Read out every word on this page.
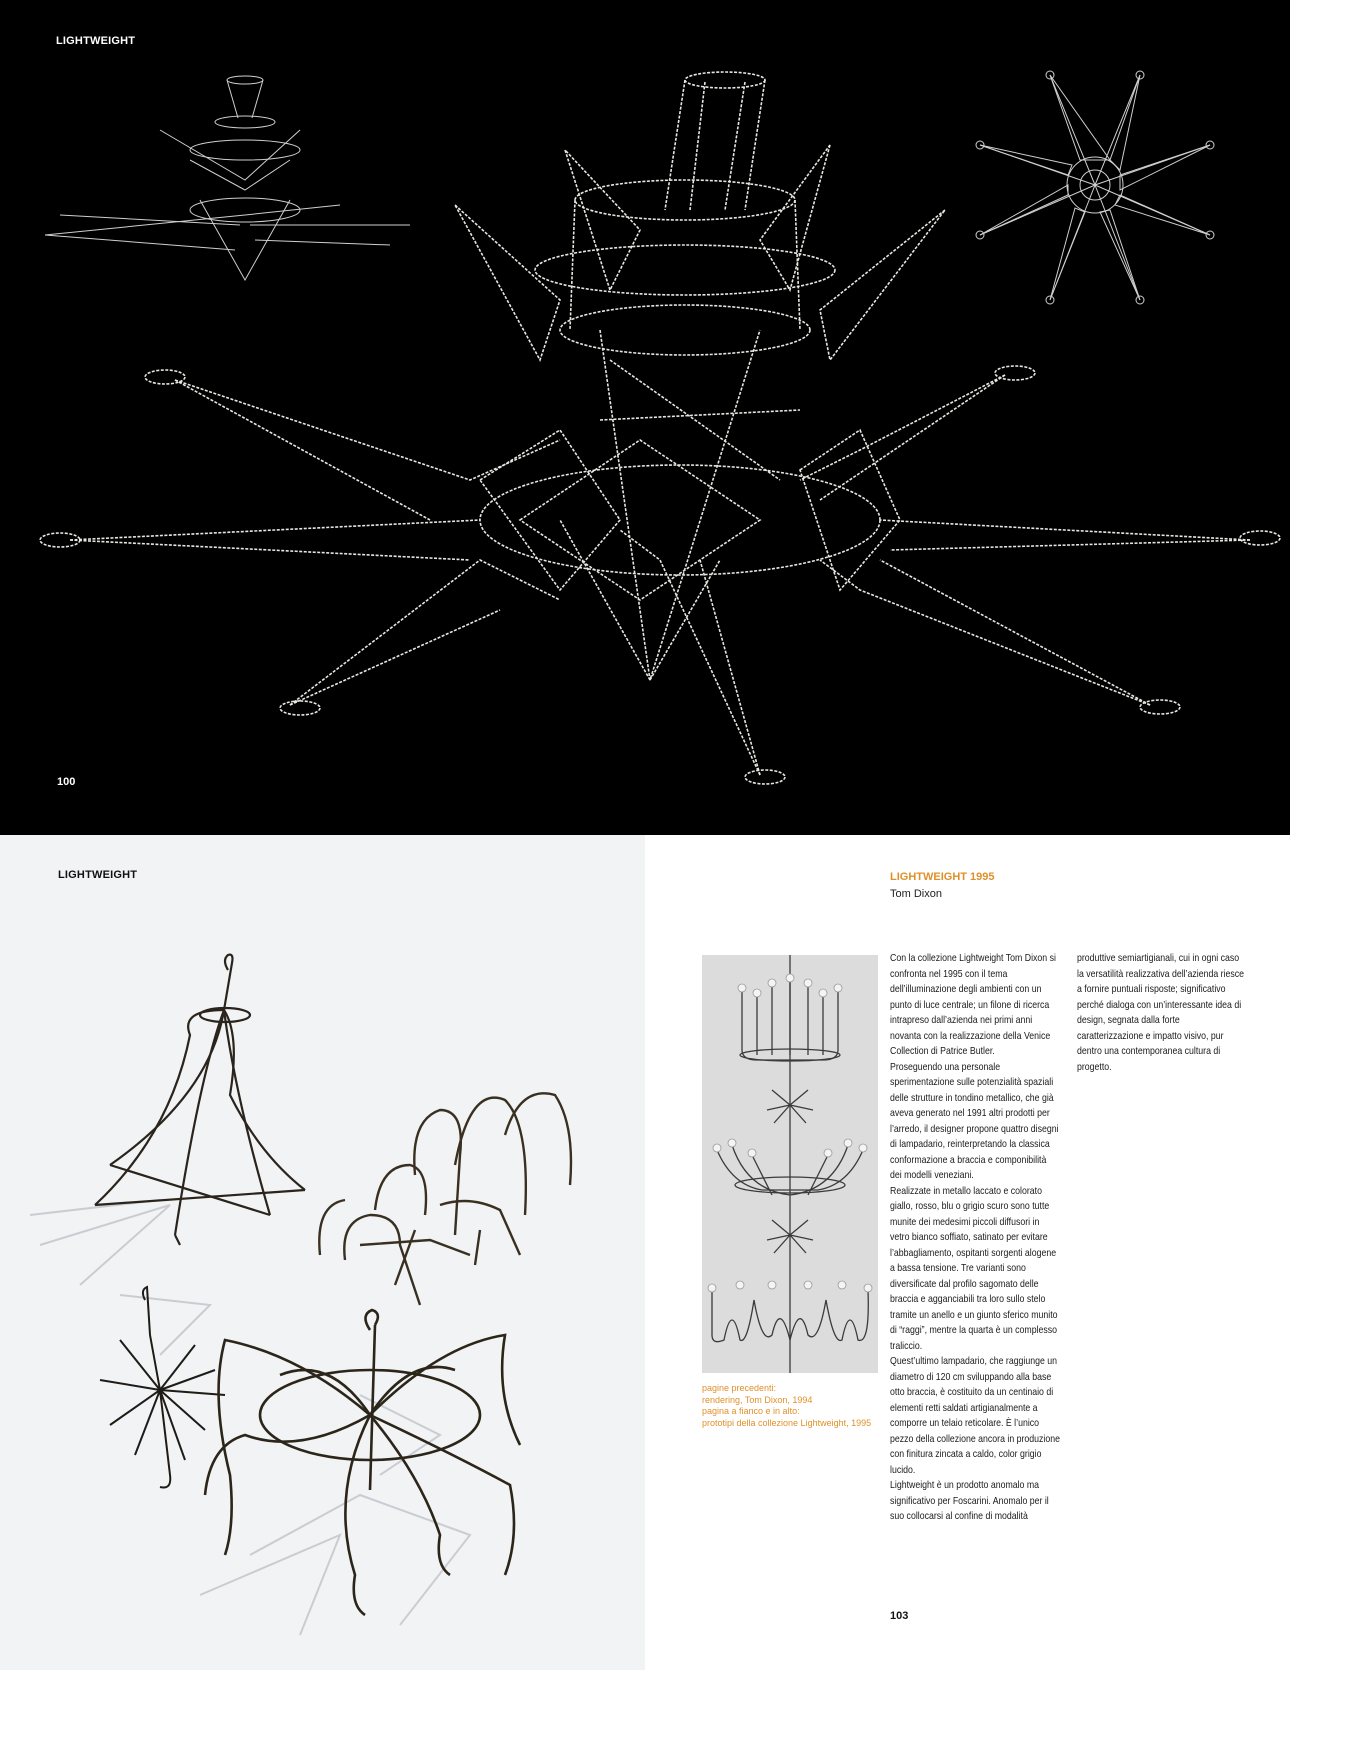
LIGHTWEIGHT
100
LIGHTWEIGHT	LIGHTWEIGHT 1995
Tom Dixon
pagine precedenti:
rendering, Tom Dixon, 1994
pagina a fianco e in alto:
prototipi della collezione Lightweight, 1995

Con la collezione Lightweight Tom Dixon si confronta nel 1995 con il tema dell’illuminazione degli ambienti con un punto di luce centrale; un filone di ricerca intrapreso dall’azienda nei primi anni novanta con la realizzazione della Venice Collection di Patrice Butler.

Proseguendo una personale sperimentazione sulle potenzialità spaziali delle strutture in tondino metallico, che già aveva generato nel 1991 altri prodotti per l’arredo, il designer propone quattro disegni di lampadario, reinterpretando la classica conformazione a braccia e componibilità dei modelli veneziani.

Realizzate in metallo laccato e colorato giallo, rosso, blu o grigio scuro sono tutte munite dei medesimi piccoli diffusori in vetro bianco soffiato, satinato per evitare l’abbagliamento, ospitanti sorgenti alogene a bassa tensione. Tre varianti sono diversificate dal profilo sagomato delle braccia e agganciabili tra loro sullo stelo tramite un anello e un giunto sferico munito di “raggi”, mentre la quarta è un complesso traliccio.

Quest’ultimo lampadario, che raggiunge un diametro di 120 cm sviluppando alla base otto braccia, è costituito da un centinaio di elementi retti saldati artigianalmente a comporre un telaio reticolare. È l’unico pezzo della collezione ancora in produzione con finitura zincata a caldo, color grigio lucido.

Lightweight è un prodotto anomalo ma significativo per Foscarini. Anomalo per il suo collocarsi al confine di modalità

produttive semiartigianali, cui in ogni caso la versatilità realizzativa dell’azienda riesce a fornire puntuali risposte; significativo perché dialoga con un’interessante idea di design, segnata dalla forte caratterizzazione e impatto visivo, pur dentro una contemporanea cultura di progetto.

103
